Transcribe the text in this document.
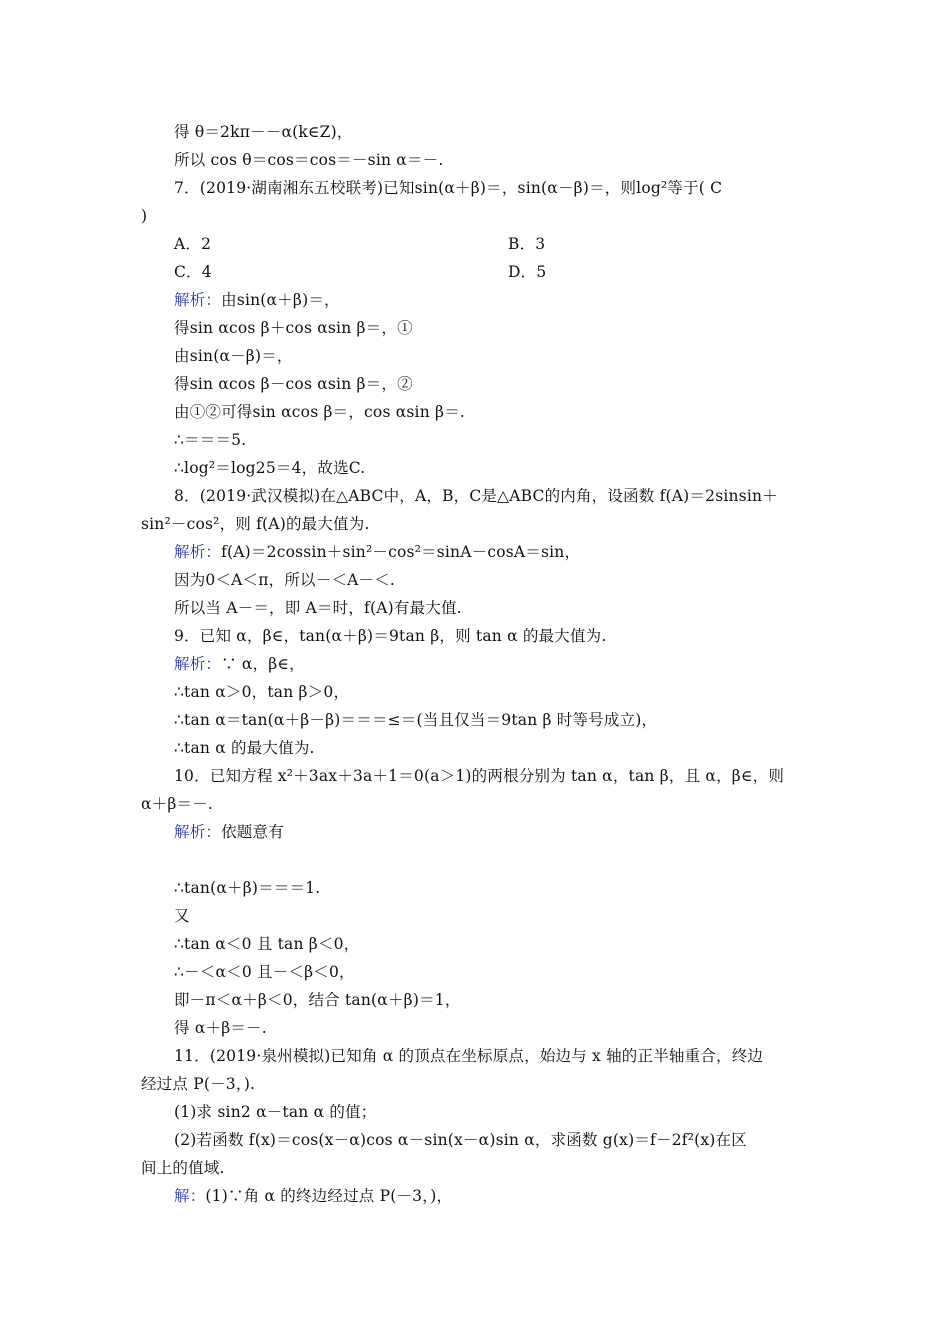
得 θ＝2kπ－－α(k∈Z)，
所以 cos θ＝cos＝cos＝－sin α＝－.
7．(2019·湖南湘东五校联考)已知sin(α＋β)＝，sin(α－β)＝，则log²等于( C
)
解析：由sin(α＋β)＝，
得sin αcos β＋cos αsin β＝，①
由sin(α－β)＝，
得sin αcos β－cos αsin β＝，②
由①②可得sin αcos β＝，cos αsin β＝.
∴＝＝＝5.
∴log²＝log25＝4，故选C.
8．(2019·武汉模拟)在△ABC中，A，B，C是△ABC的内角，设函数 f(A)＝2sinsin＋
sin²－cos²，则 f(A)的最大值为.
解析：f(A)＝2cossin＋sin²－cos²＝sinA－cosA＝sin，
因为0＜A＜π，所以－＜A－＜.
所以当 A－＝，即 A＝时，f(A)有最大值.
9．已知 α，β∈，tan(α＋β)＝9tan β，则 tan α 的最大值为.
解析：∵ α，β∈，
∴tan α＞0，tan β＞0，
∴tan α＝tan(α＋β－β)＝＝＝≤＝(当且仅当＝9tan β 时等号成立)，
∴tan α 的最大值为.
10．已知方程 x²＋3ax＋3a＋1＝0(a＞1)的两根分别为 tan α，tan β，且 α，β∈，则
α＋β＝－.
解析：依题意有
∴tan(α＋β)＝＝＝1.
又
∴tan α＜0 且 tan β＜0，
∴－＜α＜0 且－＜β＜0，
即－π＜α＋β＜0，结合 tan(α＋β)＝1，
得 α＋β＝－.
11．(2019·泉州模拟)已知角 α 的顶点在坐标原点，始边与 x 轴的正半轴重合，终边
经过点 P(－3，).
(1)求 sin2 α－tan α 的值；
(2)若函数 f(x)＝cos(x－α)cos α－sin(x－α)sin α，求函数 g(x)＝f－2f²(x)在区
间上的值域.
解：(1)∵角 α 的终边经过点 P(－3，)，
A．2	B．3
C．4	D．5
